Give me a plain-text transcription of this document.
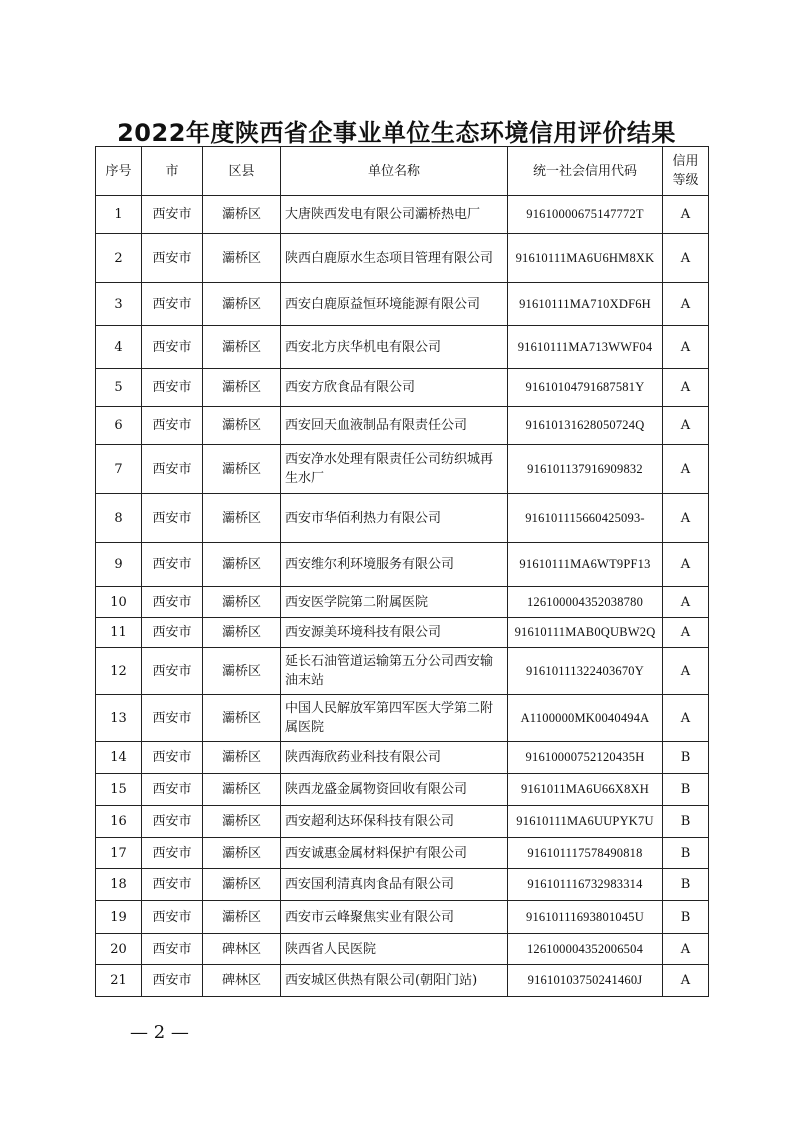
2022年度陕西省企事业单位生态环境信用评价结果
序号	市	区县	单位名称	统一社会信用代码	信用
等级

1	西安市	灞桥区	大唐陕西发电有限公司灞桥热电厂	91610000675147772T	A
2	西安市	灞桥区	陕西白鹿原水生态项目管理有限公司	91610111MA6U6HM8XK	A
3	西安市	灞桥区	西安白鹿原益恒环境能源有限公司	91610111MA710XDF6H	A
4	西安市	灞桥区	西安北方庆华机电有限公司	91610111MA713WWF04	A
5	西安市	灞桥区	西安方欣食品有限公司	916101047916875​81Y	A
6	西安市	灞桥区	西安回天血液制品有限责任公司	91610131628050724Q	A
7	西安市	灞桥区	西安净水处理有限责任公司纺织城再生水厂	916101137916909832	A
8	西安市	灞桥区	西安市华佰利热力有限公司	916101115660425093-	A
9	西安市	灞桥区	西安维尔利环境服务有限公司	91610111MA6WT9PF13	A
10	西安市	灞桥区	西安医学院第二附属医院	126100004352038780	A
11	西安市	灞桥区	西安源美环境科技有限公司	91610111MAB0QUBW2Q	A
12	西安市	灞桥区	延长石油管道运输第五分公司西安输油末站	91610111322403670Y	A
13	西安市	灞桥区	中国人民解放军第四军医大学第二附属医院	A1100000MK0040494A	A
14	西安市	灞桥区	陕西海欣药业科技有限公司	91610000752120435H	B
15	西安市	灞桥区	陕西龙盛金属物资回收有限公司	9161011MA6U66X8XH	B
16	西安市	灞桥区	西安超利达环保科技有限公司	91610111MA6UUPYK7U	B
17	西安市	灞桥区	西安诚惠金属材料保护有限公司	916101117578490818	B
18	西安市	灞桥区	西安国利清真肉食品有限公司	916101116732983314	B
19	西安市	灞桥区	西安市云峰聚焦实业有限公司	91610111693801045U	B
20	西安市	碑林区	陕西省人民医院	126100004352006504	A
21	西安市	碑林区	西安城区供热有限公司(朝阳门站)	91610103750241460J	A
— 2 —
